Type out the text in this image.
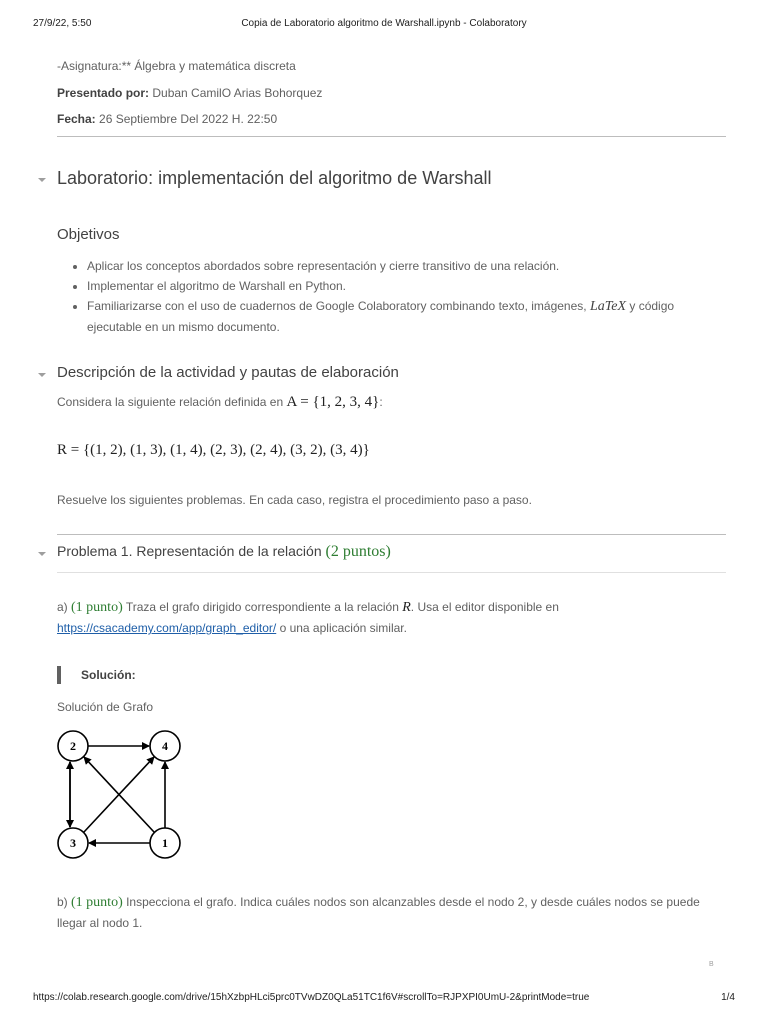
27/9/22, 5:50	Copia de Laboratorio algoritmo de Warshall.ipynb - Colaboratory
-Asignatura:** Álgebra y matemática discreta
Presentado por: Duban CamilO Arias Bohorquez
Fecha: 26 Septiembre Del 2022 H. 22:50
Laboratorio: implementación del algoritmo de Warshall
Objetivos
• Aplicar los conceptos abordados sobre representación y cierre transitivo de una relación.
• Implementar el algoritmo de Warshall en Python.
• Familiarizarse con el uso de cuadernos de Google Colaboratory combinando texto, imágenes, LaTeX y código ejecutable en un mismo documento.
Descripción de la actividad y pautas de elaboración
Considera la siguiente relación definida en A = {1, 2, 3, 4}:
R = {(1, 2), (1, 3), (1, 4), (2, 3), (2, 4), (3, 2), (3, 4)}
Resuelve los siguientes problemas. En cada caso, registra el procedimiento paso a paso.
Problema 1. Representación de la relación (2 puntos)
a) (1 punto) Traza el grafo dirigido correspondiente a la relación R. Usa el editor disponible en
https://csacademy.com/app/graph_editor/ o una aplicación similar.
Solución:
Solución de Grafo
2	4
3	1
b) (1 punto) Inspecciona el grafo. Indica cuáles nodos son alcanzables desde el nodo 2, y desde cuáles nodos se puede
llegar al nodo 1.
B
https://colab.research.google.com/drive/15hXzbpHLci5prc0TVwDZ0QLa51TC1f6V#scrollTo=RJPXPI0UmU-2&printMode=true	1/4
